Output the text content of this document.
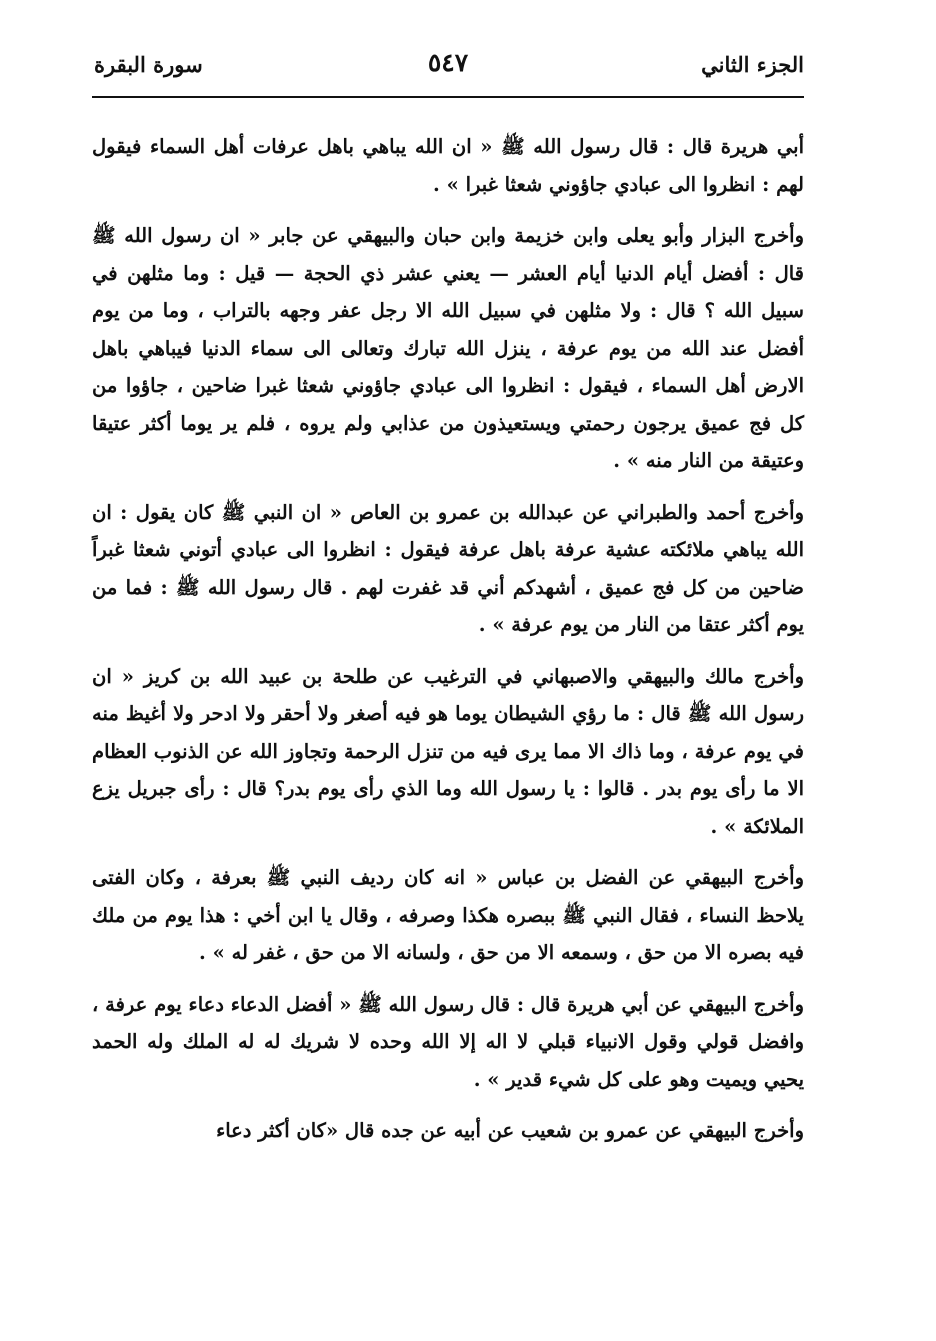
الجزء الثاني
٥٤٧
سورة البقرة

أبي هريرة قال : قال رسول الله ﷺ « ان الله يباهي باهل عرفات أهل السماء فيقول لهم : انظروا الى عبادي جاؤوني شعثا غبرا » .

وأخرج البزار وأبو يعلى وابن خزيمة وابن حبان والبيهقي عن جابر « ان رسول الله ﷺ قال : أفضل أيام الدنيا أيام العشر — يعني عشر ذي الحجة — قيل : وما مثلهن في سبيل الله ؟ قال : ولا مثلهن في سبيل الله الا رجل عفر وجهه بالتراب ، وما من يوم أفضل عند الله من يوم عرفة ، ينزل الله تبارك وتعالى الى سماء الدنيا فيباهي باهل الارض أهل السماء ، فيقول : انظروا الى عبادي جاؤوني شعثا غبرا ضاحين ، جاؤوا من كل فج عميق يرجون رحمتي ويستعيذون من عذابي ولم يروه ، فلم ير يوما أكثر عتيقا وعتيقة من النار منه » .

وأخرج أحمد والطبراني عن عبدالله بن عمرو بن العاص « ان النبي ﷺ كان يقول : ان الله يباهي ملائكته عشية عرفة باهل عرفة فيقول : انظروا الى عبادي أتوني شعثا غبراً ضاحين من كل فج عميق ، أشهدكم أني قد غفرت لهم . قال رسول الله ﷺ : فما من يوم أكثر عتقا من النار من يوم عرفة » .

وأخرج مالك والبيهقي والاصبهاني في الترغيب عن طلحة بن عبيد الله بن كريز « ان رسول الله ﷺ قال : ما رؤي الشيطان يوما هو فيه أصغر ولا أحقر ولا ادحر ولا أغيظ منه في يوم عرفة ، وما ذاك الا مما يرى فيه من تنزل الرحمة وتجاوز الله عن الذنوب العظام الا ما رأى يوم بدر . قالوا : يا رسول الله وما الذي رأى يوم بدر؟ قال : رأى جبريل يزع الملائكة » .

وأخرج البيهقي عن الفضل بن عباس « انه كان رديف النبي ﷺ بعرفة ، وكان الفتى يلاحظ النساء ، فقال النبي ﷺ ببصره هكذا وصرفه ، وقال يا ابن أخي : هذا يوم من ملك فيه بصره الا من حق ، وسمعه الا من حق ، ولسانه الا من حق ، غفر له » .

وأخرج البيهقي عن أبي هريرة قال : قال رسول الله ﷺ « أفضل الدعاء دعاء يوم عرفة ، وافضل قولي وقول الانبياء قبلي لا اله إلا الله وحده لا شريك له له الملك وله الحمد يحيي ويميت وهو على كل شيء قدير » .

وأخرج البيهقي عن عمرو بن شعيب عن أبيه عن جده قال «كان أكثر دعاء
